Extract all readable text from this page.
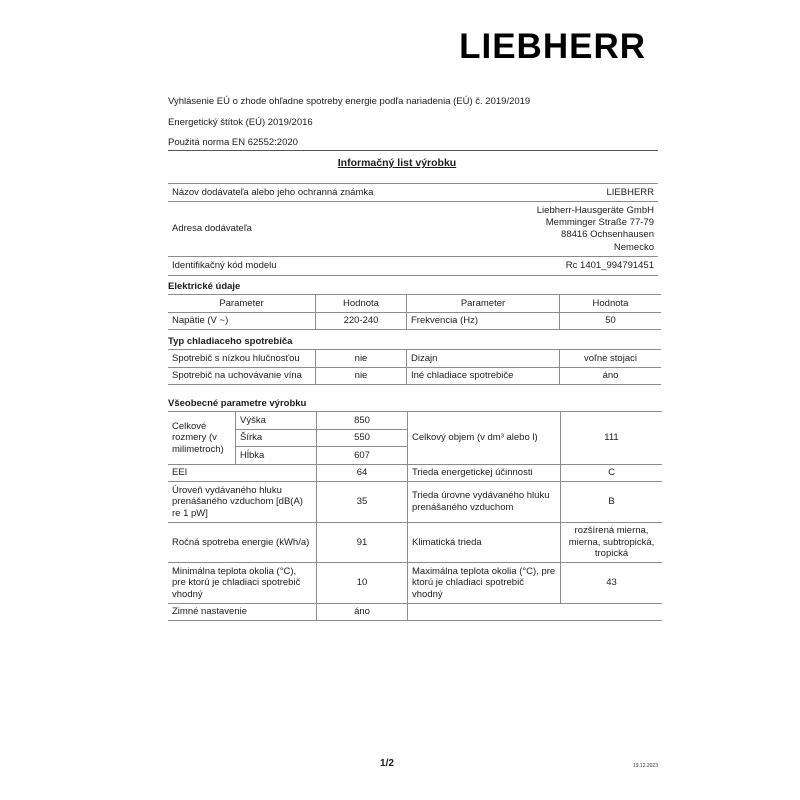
LIEBHERR
Vyhlásenie EÚ o zhode ohľadne spotreby energie podľa nariadenia (EÚ) č. 2019/2019
Energetický štítok (EÚ) 2019/2016
Použitá norma EN 62552:2020
Informačný list výrobku
Názov dodávateľa alebo jeho ochranná známka	LIEBHERR
Adresa dodávateľa	Liebherr-Hausgeräte GmbH
Memminger Straße 77-79
88416 Ochsenhausen
Nemecko

Identifikačný kód modelu	Rc 1401_994791451
Elektrické údaje
Parameter	Hodnota	Parameter	Hodnota
Napätie (V ~)	220-240	Frekvencia (Hz)	50
Typ chladiaceho spotrebiča
Spotrebič s nízkou hlučnosťou	nie	Dizajn	voľne stojaci
Spotrebič na uchovávanie vína	nie	Iné chladiace spotrebiče	áno
Všeobecné parametre výrobku
Celkové rozmery (v milimetroch)	Výška	850	Celkový objem (v dm³ alebo l)	111
	Šírka	550		
	Hĺbka	607		
EEI		64	Trieda energetickej účinnosti	C
Úroveň vydávaného hluku prenášaného vzduchom [dB(A) re 1 pW]		35	Trieda úrovne vydávaného hluku prenášaného vzduchom	B
Ročná spotreba energie (kWh/a)		91	Klimatická trieda	rozšírená mierna, mierna, subtropická, tropická
Minimálna teplota okolia (°C), pre ktorú je chladiaci spotrebič vhodný		10	Maximálna teplota okolia (°C), pre ktorú je chladiaci spotrebič vhodný	43
Zimné nastavenie		áno		
1/2	19.12.2023
